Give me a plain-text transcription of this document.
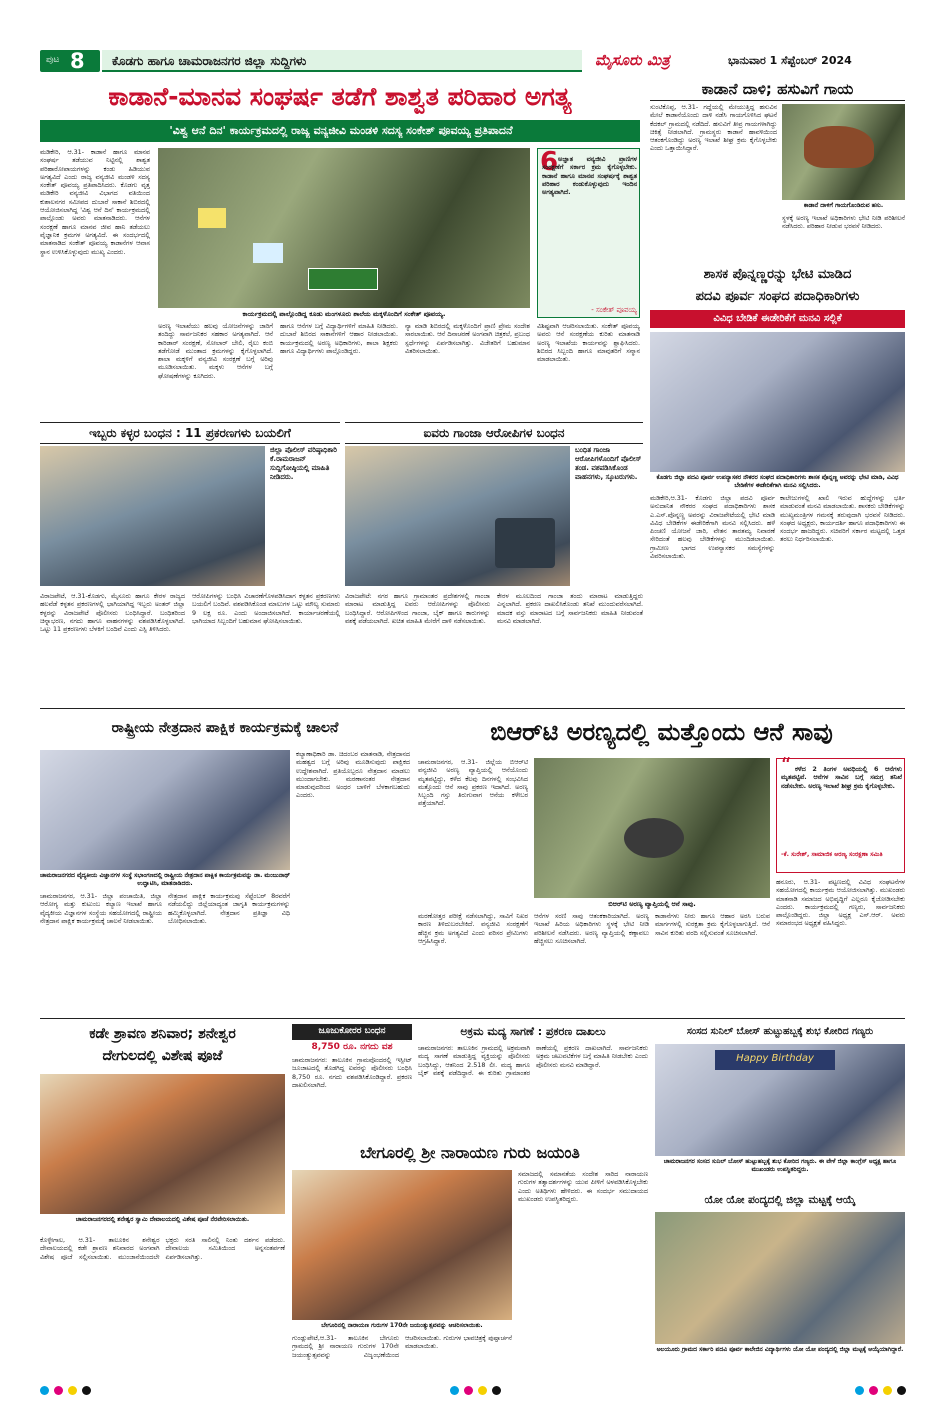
ಪುಟ 8 ಕೊಡಗು ಹಾಗೂ ಚಾಮರಾಜನಗರ ಜಿಲ್ಲಾ ಸುದ್ದಿಗಳು	ಮೈಸೂರು ಮಿತ್ರ	ಭಾನುವಾರ 1 ಸೆಪ್ಟೆಂಬರ್ 2024
ಕಾಡಾನೆ-ಮಾನವ ಸಂಘರ್ಷ ತಡೆಗೆ ಶಾಶ್ವತ ಪರಿಹಾರ ಅಗತ್ಯ
'ವಿಶ್ವ ಆನೆ ದಿನ' ಕಾರ್ಯಕ್ರಮದಲ್ಲಿ ರಾಜ್ಯ ವನ್ಯಜೀವಿ ಮಂಡಳಿ ಸದಸ್ಯ ಸಂಕೇತ್ ಪೂವಯ್ಯ ಪ್ರತಿಪಾದನೆ
ಮಡಿಕೇರಿ, ಆ.31- ಕಾಡಾನೆ ಹಾಗೂ ಮಾನವ ಸಂಘರ್ಷ ತಡೆಯುವ ನಿಟ್ಟಿನಲ್ಲಿ ಶಾಶ್ವತ ಪರಿಹಾರೋಪಾಯಗಳನ್ನು ಕಂಡು ಹಿಡಿಯುವ ಅಗತ್ಯವಿದೆ ಎಂದು ರಾಜ್ಯ ವನ್ಯಜೀವಿ ಮಂಡಳಿ ಸದಸ್ಯ ಸಂಕೇತ್ ಪೂವಯ್ಯ ಪ್ರತಿಪಾದಿಸಿದರು. ಕೊಡಗು ವೃತ್ತ ಮಡಿಕೇರಿ ವನ್ಯಜೀವಿ ವಿಭಾಗದ ವತಿಯಿಂದ ಕುಶಾಲನಗರ ಸಮೀಪದ ದುಬಾರೆ ಸಾಕಾನೆ ಶಿಬಿರದಲ್ಲಿ ಆಯೋಜಿಸಲಾಗಿದ್ದ 'ವಿಶ್ವ ಆನೆ ದಿನ' ಕಾರ್ಯಕ್ರಮದಲ್ಲಿ ಪಾಲ್ಗೊಂಡು ಅವರು ಮಾತನಾಡಿದರು. ಆನೆಗಳ ಸಂರಕ್ಷಣೆ ಹಾಗೂ ಮಾನವ ಜೀವ ಹಾನಿ ತಡೆಯಲು ವೈಜ್ಞಾನಿಕ ಕ್ರಮಗಳ ಅಗತ್ಯವಿದೆ. ಈ ಸಂದರ್ಭದಲ್ಲಿ ಮಾತನಾಡಿದ ಸಂಕೇತ್ ಪೂವಯ್ಯ ಕಾಡಾನೆಗಳ ಆವಾಸ ಸ್ಥಾನ ಉಳಿಸಿಕೊಳ್ಳುವುದು ಮುಖ್ಯ ಎಂದರು.
ಕಾರ್ಯಕ್ರಮದಲ್ಲಿ ಪಾಲ್ಗೊಂಡಿದ್ದ ಕೂಡು ಮಂಗಳೂರು ಶಾಲೆಯ ಮಕ್ಕಳೊಂದಿಗೆ ಸಂಕೇತ್ ಪೂವಯ್ಯ.
ಅರಣ್ಯ ಇಲಾಖೆಯು ಹಲವು ಯೋಜನೆಗಳನ್ನು ಜಾರಿಗೆ ತಂದಿದ್ದು ಸಾರ್ವಜನಿಕರ ಸಹಕಾರ ಅಗತ್ಯವಾಗಿದೆ. ಆನೆ ಕಾರಿಡಾರ್ ಸಂರಕ್ಷಣೆ, ಸೋಲಾರ್ ಬೇಲಿ, ರೈಲು ಕಂಬಿ ತಡೆಗೋಡೆ ಮುಂತಾದ ಕ್ರಮಗಳನ್ನು ಕೈಗೊಳ್ಳಲಾಗಿದೆ. ಶಾಲಾ ಮಕ್ಕಳಿಗೆ ವನ್ಯಜೀವಿ ಸಂರಕ್ಷಣೆ ಬಗ್ಗೆ ಅರಿವು ಮೂಡಿಸಲಾಯಿತು. ಮಕ್ಕಳು ಆನೆಗಳ ಬಗ್ಗೆ ಘೋಷಣೆಗಳನ್ನು ಕೂಗಿದರು.
ಹಾಗೂ ಆನೆಗಳ ಬಗ್ಗೆ ವಿದ್ಯಾರ್ಥಿಗಳಿಗೆ ಮಾಹಿತಿ ನೀಡಿದರು. ದುಬಾರೆ ಶಿಬಿರದ ಸಾಕಾನೆಗಳಿಗೆ ಆಹಾರ ನೀಡಲಾಯಿತು. ಕಾರ್ಯಕ್ರಮದಲ್ಲಿ ಅರಣ್ಯ ಅಧಿಕಾರಿಗಳು, ಶಾಲಾ ಶಿಕ್ಷಕರು ಹಾಗೂ ವಿದ್ಯಾರ್ಥಿಗಳು ಪಾಲ್ಗೊಂಡಿದ್ದರು.
ನ್ಯಾ ಮಾಡಿ ಶಿಬಿರದಲ್ಲಿ ಮಕ್ಕಳೊಂದಿಗೆ ಪ್ರಾಣಿ ಪ್ರೇಮ ಸಂದೇಶ ಸಾರಲಾಯಿತು. ಆನೆ ದಿನಾಚರಣೆ ಅಂಗವಾಗಿ ಚಿತ್ರಕಲೆ, ಪ್ರಬಂಧ ಸ್ಪರ್ಧೆಗಳನ್ನು ಏರ್ಪಡಿಸಲಾಗಿತ್ತು. ವಿಜೇತರಿಗೆ ಬಹುಮಾನ ವಿತರಿಸಲಾಯಿತು.
6 ಅಜ್ಞಾತ ವನ್ಯಜೀವಿ ಪ್ರಾಣಿಗಳ ಸಂರಕ್ಷಣೆಗೆ ಸರ್ಕಾರ ಕ್ರಮ ಕೈಗೊಳ್ಳಬೇಕು. ಕಾಡಾನೆ ಹಾಗೂ ಮಾನವ ಸಂಘರ್ಷಕ್ಕೆ ಶಾಶ್ವತ ಪರಿಹಾರ ಕಂಡುಕೊಳ್ಳುವುದು ಇಂದಿನ ಅಗತ್ಯವಾಗಿದೆ.
- ಸಂಕೇತ್ ಪೂವಯ್ಯ
ವಿಶಿಷ್ಟವಾಗಿ ಆಚರಿಸಲಾಯಿತು. ಸಂಕೇತ್ ಪೂವಯ್ಯ ಅವರು ಆನೆ ಸಂರಕ್ಷಣೆಯ ಕುರಿತು ಮಾತನಾಡಿ ಅರಣ್ಯ ಇಲಾಖೆಯ ಕಾರ್ಯವನ್ನು ಶ್ಲಾಘಿಸಿದರು. ಶಿಬಿರದ ಸಿಬ್ಬಂದಿ ಹಾಗೂ ಮಾವುತರಿಗೆ ಸನ್ಮಾನ ಮಾಡಲಾಯಿತು.
ಕಾಡಾನೆ ದಾಳಿ; ಹಸುವಿಗೆ ಗಾಯ
ಸುಂಟಿಕೊಪ್ಪ, ಆ.31- ಗದ್ದೆಯಲ್ಲಿ ಮೇಯುತ್ತಿದ್ದ ಹಸುವಿನ ಮೇಲೆ ಕಾಡಾನೆಯೊಂದು ದಾಳಿ ನಡೆಸಿ ಗಾಯಗೊಳಿಸಿದ ಘಟನೆ ಕೆದಕಲ್ ಗ್ರಾಮದಲ್ಲಿ ನಡೆದಿದೆ. ಹಸುವಿಗೆ ತೀವ್ರ ಗಾಯಗಳಾಗಿದ್ದು ಚಿಕಿತ್ಸೆ ನೀಡಲಾಗಿದೆ. ಗ್ರಾಮಸ್ಥರು ಕಾಡಾನೆ ಹಾವಳಿಯಿಂದ ಆತಂಕಗೊಂಡಿದ್ದು ಅರಣ್ಯ ಇಲಾಖೆ ಶೀಘ್ರ ಕ್ರಮ ಕೈಗೊಳ್ಳಬೇಕು ಎಂದು ಒತ್ತಾಯಿಸಿದ್ದಾರೆ.
ಕಾಡಾನೆ ದಾಳಿಗೆ ಗಾಯಗೊಂಡಿರುವ ಹಸು.
ಸ್ಥಳಕ್ಕೆ ಅರಣ್ಯ ಇಲಾಖೆ ಅಧಿಕಾರಿಗಳು ಭೇಟಿ ನೀಡಿ ಪರಿಶೀಲನೆ ನಡೆಸಿದರು. ಪರಿಹಾರ ನೀಡುವ ಭರವಸೆ ನೀಡಿದರು.
ಶಾಸಕ ಪೊನ್ನಣ್ಣರನ್ನು ಭೇಟಿ ಮಾಡಿದ
ಪದವಿ ಪೂರ್ವ ಸಂಘದ ಪದಾಧಿಕಾರಿಗಳು
ವಿವಿಧ ಬೇಡಿಕೆ ಈಡೇರಿಕೆಗೆ ಮನವಿ ಸಲ್ಲಿಕೆ
ಕೊಡಗು ಜಿಲ್ಲಾ ಪದವಿ ಪೂರ್ವ ಉಪನ್ಯಾಸಕರ ನೌಕರರ ಸಂಘದ ಪದಾಧಿಕಾರಿಗಳು ಶಾಸಕ ಪೊನ್ನಣ್ಣ ಅವರನ್ನು ಭೇಟಿ ಮಾಡಿ, ವಿವಿಧ ಬೇಡಿಕೆಗಳ ಈಡೇರಿಕೆಗಾಗಿ ಮನವಿ ಸಲ್ಲಿಸಿದರು.
ಮಡಿಕೇರಿ,ಆ.31- ಕೊಡಗು ಜಿಲ್ಲಾ ಪದವಿ ಪೂರ್ವ ಅನುದಾನಿತ ನೌಕರರ ಸಂಘದ ಪದಾಧಿಕಾರಿಗಳು ಶಾಸಕ ಎ.ಎಸ್.ಪೊನ್ನಣ್ಣ ಅವರನ್ನು ವಿರಾಜಪೇಟೆಯಲ್ಲಿ ಭೇಟಿ ಮಾಡಿ ವಿವಿಧ ಬೇಡಿಕೆಗಳ ಈಡೇರಿಕೆಗಾಗಿ ಮನವಿ ಸಲ್ಲಿಸಿದರು. ಹಳೆ ಪಿಂಚಣಿ ಯೋಜನೆ ಜಾರಿ, ವೇತನ ತಾರತಮ್ಯ ನಿವಾರಣೆ ಸೇರಿದಂತೆ ಹಲವು ಬೇಡಿಕೆಗಳನ್ನು ಮುಂದಿಡಲಾಯಿತು. ಗ್ರಾಮೀಣ ಭಾಗದ ಉಪನ್ಯಾಸಕರ ಸಮಸ್ಯೆಗಳನ್ನು ವಿವರಿಸಲಾಯಿತು.
ಕಾಲೇಜುಗಳಲ್ಲಿ ಖಾಲಿ ಇರುವ ಹುದ್ದೆಗಳನ್ನು ಭರ್ತಿ ಮಾಡುವಂತೆ ಮನವಿ ಮಾಡಲಾಯಿತು. ಶಾಸಕರು ಬೇಡಿಕೆಗಳನ್ನು ಮುಖ್ಯಮಂತ್ರಿಗಳ ಗಮನಕ್ಕೆ ತರುವುದಾಗಿ ಭರವಸೆ ನೀಡಿದರು. ಸಂಘದ ಅಧ್ಯಕ್ಷರು, ಕಾರ್ಯದರ್ಶಿ ಹಾಗೂ ಪದಾಧಿಕಾರಿಗಳು ಈ ಸಂದರ್ಭ ಹಾಜರಿದ್ದರು. ಸಚಿವರಿಗೆ ಸರ್ಕಾರ ಮಟ್ಟದಲ್ಲಿ ಒತ್ತಡ ತರಲು ನಿರ್ಧರಿಸಲಾಯಿತು.
ಇಬ್ಬರು ಕಳ್ಳರ ಬಂಧನ : 11 ಪ್ರಕರಣಗಳು ಬಯಲಿಗೆ
ಜಿಲ್ಲಾ ಪೊಲೀಸ್ ವರಿಷ್ಠಾಧಿಕಾರಿ ಕೆ.ರಾಮರಾಜನ್ ಸುದ್ದಿಗೋಷ್ಠಿಯಲ್ಲಿ ಮಾಹಿತಿ ನೀಡಿದರು.
ವಿರಾಜಪೇಟೆ, ಆ.31-ಕೊಡಗು, ಮೈಸೂರು ಹಾಗೂ ಕೇರಳ ರಾಜ್ಯದ ಹಲವೆಡೆ ಕಳ್ಳತನ ಪ್ರಕರಣಗಳಲ್ಲಿ ಭಾಗಿಯಾಗಿದ್ದ ಇಬ್ಬರು ಅಂತರ್ ಜಿಲ್ಲಾ ಕಳ್ಳರನ್ನು ವಿರಾಜಪೇಟೆ ಪೊಲೀಸರು ಬಂಧಿಸಿದ್ದಾರೆ. ಬಂಧಿತರಿಂದ ಚಿನ್ನಾಭರಣ, ನಗದು ಹಾಗೂ ವಾಹನಗಳನ್ನು ವಶಪಡಿಸಿಕೊಳ್ಳಲಾಗಿದೆ. ಒಟ್ಟು 11 ಪ್ರಕರಣಗಳು ಬೆಳಕಿಗೆ ಬಂದಿವೆ ಎಂದು ಎಸ್ಪಿ ತಿಳಿಸಿದರು.
ಆರೋಪಿಗಳನ್ನು ಬಂಧಿಸಿ ವಿಚಾರಣೆಗೊಳಪಡಿಸಿದಾಗ ಕಳ್ಳತನ ಪ್ರಕರಣಗಳು ಬಯಲಿಗೆ ಬಂದಿವೆ. ವಶಪಡಿಸಿಕೊಂಡ ಮಾಲುಗಳ ಒಟ್ಟು ಮೌಲ್ಯ ಸುಮಾರು 9 ಲಕ್ಷ ರೂ. ಎಂದು ಅಂದಾಜಿಸಲಾಗಿದೆ. ಕಾರ್ಯಾಚರಣೆಯಲ್ಲಿ ಭಾಗಿಯಾದ ಸಿಬ್ಬಂದಿಗೆ ಬಹುಮಾನ ಘೋಷಿಸಲಾಯಿತು.
ಐವರು ಗಾಂಜಾ ಆರೋಪಿಗಳ ಬಂಧನ
ಬಂಧಿತ ಗಾಂಜಾ ಆರೋಪಿಗಳೊಂದಿಗೆ ಪೊಲೀಸ್ ತಂಡ. ವಶಪಡಿಸಿಕೊಂಡ ವಾಹನಗಳು, ಸ್ಕೂಟರುಗಳು.
ವಿರಾಜಪೇಟೆ: ನಗರ ಹಾಗೂ ಗ್ರಾಮಾಂತರ ಪ್ರದೇಶಗಳಲ್ಲಿ ಗಾಂಜಾ ಮಾರಾಟ ಮಾಡುತ್ತಿದ್ದ ಐವರು ಆರೋಪಿಗಳನ್ನು ಪೊಲೀಸರು ಬಂಧಿಸಿದ್ದಾರೆ. ಆರೋಪಿಗಳಿಂದ ಗಾಂಜಾ, ಬೈಕ್ ಹಾಗೂ ಕಾರುಗಳನ್ನು ವಶಕ್ಕೆ ಪಡೆಯಲಾಗಿದೆ. ಖಚಿತ ಮಾಹಿತಿ ಮೇರೆಗೆ ದಾಳಿ ನಡೆಸಲಾಯಿತು.
ಕೇರಳ ಮೂಲದಿಂದ ಗಾಂಜಾ ತಂದು ಮಾರಾಟ ಮಾಡುತ್ತಿದ್ದರು ಎನ್ನಲಾಗಿದೆ. ಪ್ರಕರಣ ದಾಖಲಿಸಿಕೊಂಡು ತನಿಖೆ ಮುಂದುವರೆಸಲಾಗಿದೆ. ಮಾದಕ ವಸ್ತು ಮಾರಾಟದ ಬಗ್ಗೆ ಸಾರ್ವಜನಿಕರು ಮಾಹಿತಿ ನೀಡುವಂತೆ ಮನವಿ ಮಾಡಲಾಗಿದೆ.
ರಾಷ್ಟ್ರೀಯ ನೇತ್ರದಾನ ಪಾಕ್ಷಿಕ ಕಾರ್ಯಕ್ರಮಕ್ಕೆ ಚಾಲನೆ
ಚಾಮರಾಜನಗರದ ವೈದ್ಯಕೀಯ ವಿಜ್ಞಾನಗಳ ಸಂಸ್ಥೆ ಸಭಾಂಗಣದಲ್ಲಿ ರಾಷ್ಟ್ರೀಯ ನೇತ್ರದಾನ ಪಾಕ್ಷಿಕ ಕಾರ್ಯಕ್ರಮವನ್ನು ಡಾ. ಮಂಜುನಾಥ್ ಉದ್ಘಾಟಿಸಿ, ಮಾತನಾಡಿದರು.
ಕಲ್ಯಾಣಾಧಿಕಾರಿ ಡಾ. ಚಿದಂಬರ ಮಾತನಾಡಿ, ನೇತ್ರದಾನದ ಮಹತ್ವದ ಬಗ್ಗೆ ಅರಿವು ಮೂಡಿಸುವುದು ಪಾಕ್ಷಿಕದ ಉದ್ದೇಶವಾಗಿದೆ. ಪ್ರತಿಯೊಬ್ಬರೂ ನೇತ್ರದಾನ ಮಾಡಲು ಮುಂದಾಗಬೇಕು. ಮರಣಾನಂತರ ನೇತ್ರದಾನ ಮಾಡುವುದರಿಂದ ಅಂಧರ ಬಾಳಿಗೆ ಬೆಳಕಾಗಬಹುದು ಎಂದರು.
ಚಾಮರಾಜನಗರ, ಆ.31- ಜಿಲ್ಲಾ ಪಂಚಾಯಿತಿ, ಜಿಲ್ಲಾ ಆರೋಗ್ಯ ಮತ್ತು ಕುಟುಂಬ ಕಲ್ಯಾಣ ಇಲಾಖೆ ಹಾಗೂ ವೈದ್ಯಕೀಯ ವಿಜ್ಞಾನಗಳ ಸಂಸ್ಥೆಯ ಸಹಯೋಗದಲ್ಲಿ ರಾಷ್ಟ್ರೀಯ ನೇತ್ರದಾನ ಪಾಕ್ಷಿಕ ಕಾರ್ಯಕ್ರಮಕ್ಕೆ ಚಾಲನೆ ನೀಡಲಾಯಿತು.
ನೇತ್ರದಾನ ಪಾಕ್ಷಿಕ ಕಾರ್ಯಕ್ರಮವು ಸೆಪ್ಟೆಂಬರ್ 8ರವರೆಗೆ ನಡೆಯಲಿದ್ದು ಜಿಲ್ಲೆಯಾದ್ಯಂತ ಜಾಗೃತಿ ಕಾರ್ಯಕ್ರಮಗಳನ್ನು ಹಮ್ಮಿಕೊಳ್ಳಲಾಗಿದೆ. ನೇತ್ರದಾನ ಪ್ರತಿಜ್ಞಾ ವಿಧಿ ಬೋಧಿಸಲಾಯಿತು.
ಬಿಆರ್‌ಟಿ ಅರಣ್ಯದಲ್ಲಿ ಮತ್ತೊಂದು ಆನೆ ಸಾವು
ಚಾಮರಾಜನಗರ, ಆ.31- ಜಿಲ್ಲೆಯ ಬಿಆರ್‌ಟಿ ವನ್ಯಜೀವಿ ಅರಣ್ಯ ವ್ಯಾಪ್ತಿಯಲ್ಲಿ ಆನೆಯೊಂದು ಮೃತಪಟ್ಟಿದ್ದು, ಕಳೆದ ಕೆಲವು ದಿನಗಳಲ್ಲಿ ಸಂಭವಿಸಿದ ಮತ್ತೊಂದು ಆನೆ ಸಾವು ಪ್ರಕರಣ ಇದಾಗಿದೆ. ಅರಣ್ಯ ಸಿಬ್ಬಂದಿ ಗಸ್ತು ತಿರುಗುವಾಗ ಆನೆಯ ಕಳೇಬರ ಪತ್ತೆಯಾಗಿದೆ.
ಬಿಆರ್‌ಟಿ ಅರಣ್ಯ ವ್ಯಾಪ್ತಿಯಲ್ಲಿ ಆನೆ ಸಾವು.
“ ಕಳೆದ 2 ತಿಂಗಳ ಅವಧಿಯಲ್ಲಿ 6 ಆನೆಗಳು ಮೃತಪಟ್ಟಿವೆ. ಆನೆಗಳ ಸಾವಿನ ಬಗ್ಗೆ ಸಮಗ್ರ ತನಿಖೆ ನಡೆಸಬೇಕು. ಅರಣ್ಯ ಇಲಾಖೆ ಶೀಘ್ರ ಕ್ರಮ ಕೈಗೊಳ್ಳಬೇಕು.
-ಕೆ. ಸುರೇಶ್, ಸಾಮಾಜಿಕ ಅರಣ್ಯ ಸಂರಕ್ಷಣಾ ಸಮಿತಿ
ಮರಣೋತ್ತರ ಪರೀಕ್ಷೆ ನಡೆಸಲಾಗಿದ್ದು, ಸಾವಿಗೆ ನಿಖರ ಕಾರಣ ತಿಳಿದುಬರಬೇಕಿದೆ. ವನ್ಯಜೀವಿ ಸಂರಕ್ಷಣೆಗೆ ಹೆಚ್ಚಿನ ಕ್ರಮ ಅಗತ್ಯವಿದೆ ಎಂದು ಪರಿಸರ ಪ್ರೇಮಿಗಳು ಆಗ್ರಹಿಸಿದ್ದಾರೆ.
ಆನೆಗಳ ಸರಣಿ ಸಾವು ಆತಂಕಕಾರಿಯಾಗಿದೆ. ಅರಣ್ಯ ಇಲಾಖೆ ಹಿರಿಯ ಅಧಿಕಾರಿಗಳು ಸ್ಥಳಕ್ಕೆ ಭೇಟಿ ನೀಡಿ ಪರಿಶೀಲನೆ ನಡೆಸಿದರು. ಅರಣ್ಯ ವ್ಯಾಪ್ತಿಯಲ್ಲಿ ಕಣ್ಗಾವಲು ಹೆಚ್ಚಿಸಲು ಸೂಚಿಸಲಾಗಿದೆ.
ಕಾಡಾನೆಗಳು ನೀರು ಹಾಗೂ ಆಹಾರ ಅರಸಿ ಬರುವ ಮಾರ್ಗಗಳಲ್ಲಿ ಸುರಕ್ಷತಾ ಕ್ರಮ ಕೈಗೊಳ್ಳಲಾಗುತ್ತಿದೆ. ಆನೆ ಸಾವಿನ ಕುರಿತು ವರದಿ ಸಲ್ಲಿಸುವಂತೆ ಸೂಚಿಸಲಾಗಿದೆ.
ಹನೂರು, ಆ.31- ಪಟ್ಟಣದಲ್ಲಿ ವಿವಿಧ ಸಂಘಟನೆಗಳ ಸಹಯೋಗದಲ್ಲಿ ಕಾರ್ಯಕ್ರಮ ಆಯೋಜಿಸಲಾಗಿತ್ತು. ಮುಖಂಡರು ಮಾತನಾಡಿ ಸಮಾಜದ ಅಭಿವೃದ್ಧಿಗೆ ಎಲ್ಲರೂ ಕೈಜೋಡಿಸಬೇಕು ಎಂದರು. ಕಾರ್ಯಕ್ರಮದಲ್ಲಿ ಗಣ್ಯರು, ಸಾರ್ವಜನಿಕರು ಪಾಲ್ಗೊಂಡಿದ್ದರು. ಜಿಲ್ಲಾ ಅಧ್ಯಕ್ಷ ಎಸ್.ಆರ್. ಅವರು ಸಮಾರಂಭದ ಅಧ್ಯಕ್ಷತೆ ವಹಿಸಿದ್ದರು.
ಕಡೇ ಶ್ರಾವಣ ಶನಿವಾರ; ಶನೇಶ್ವರ
ದೇಗುಲದಲ್ಲಿ ವಿಶೇಷ ಪೂಜೆ
ಚಾಮರಾಜನಗರದಲ್ಲಿ ಶನೇಶ್ವರ ಸ್ವಾಮಿ ದೇವಾಲಯದಲ್ಲಿ ವಿಶೇಷ ಪೂಜೆ ನೆರವೇರಿಸಲಾಯಿತು.
ಕೊಳ್ಳೇಗಾಲ, ಆ.31- ತಾಲೂಕಿನ ಶನೇಶ್ವರ ದೇವಾಲಯದಲ್ಲಿ ಕಡೇ ಶ್ರಾವಣ ಶನಿವಾರದ ಅಂಗವಾಗಿ ವಿಶೇಷ ಪೂಜೆ ಸಲ್ಲಿಸಲಾಯಿತು. ಮುಂಜಾನೆಯಿಂದಲೇ ಭಕ್ತರು ಸರತಿ ಸಾಲಿನಲ್ಲಿ ನಿಂತು ದರ್ಶನ ಪಡೆದರು. ದೇವಾಲಯ ಸಮಿತಿಯಿಂದ ಅನ್ನಸಂತರ್ಪಣೆ ಏರ್ಪಡಿಸಲಾಗಿತ್ತು.
ಜೂಜುಕೋರರ ಬಂಧನ
8,750 ರೂ. ನಗದು ವಶ
ಚಾಮರಾಜನಗರ: ತಾಲೂಕಿನ ಗ್ರಾಮವೊಂದರಲ್ಲಿ ಇಸ್ಪೀಟ್ ಜೂಜಾಟದಲ್ಲಿ ತೊಡಗಿದ್ದ ಐವರನ್ನು ಪೊಲೀಸರು ಬಂಧಿಸಿ 8,750 ರೂ. ನಗದು ವಶಪಡಿಸಿಕೊಂಡಿದ್ದಾರೆ. ಪ್ರಕರಣ ದಾಖಲಿಸಲಾಗಿದೆ.
ಅಕ್ರಮ ಮದ್ಯ ಸಾಗಣೆ : ಪ್ರಕರಣ ದಾಖಲು
ಚಾಮರಾಜನಗರ: ತಾಲೂಕಿನ ಗ್ರಾಮದಲ್ಲಿ ಅಕ್ರಮವಾಗಿ ಮದ್ಯ ಸಾಗಣೆ ಮಾಡುತ್ತಿದ್ದ ವ್ಯಕ್ತಿಯನ್ನು ಪೊಲೀಸರು ಬಂಧಿಸಿದ್ದು, ಆತನಿಂದ 2.518 ಲೀ. ಮದ್ಯ ಹಾಗೂ ಬೈಕ್ ವಶಕ್ಕೆ ಪಡೆದಿದ್ದಾರೆ. ಈ ಕುರಿತು ಗ್ರಾಮಾಂತರ ಠಾಣೆಯಲ್ಲಿ ಪ್ರಕರಣ ದಾಖಲಾಗಿದೆ. ಸಾರ್ವಜನಿಕರು ಅಕ್ರಮ ಚಟುವಟಿಕೆಗಳ ಬಗ್ಗೆ ಮಾಹಿತಿ ನೀಡಬೇಕು ಎಂದು ಪೊಲೀಸರು ಮನವಿ ಮಾಡಿದ್ದಾರೆ.
ಸಂಸದ ಸುನಿಲ್ ಬೋಸ್ ಹುಟ್ಟುಹಬ್ಬಕ್ಕೆ ಶುಭ ಕೋರಿದ ಗಣ್ಯರು
Happy Birthday
ಚಾಮರಾಜನಗರ ಸಂಸದ ಸುನಿಲ್ ಬೋಸ್ ಹುಟ್ಟುಹಬ್ಬಕ್ಕೆ ಶುಭ ಕೋರಿದ ಗಣ್ಯರು. ಈ ವೇಳೆ ಜಿಲ್ಲಾ ಕಾಂಗ್ರೆಸ್ ಅಧ್ಯಕ್ಷ ಹಾಗೂ ಮುಖಂಡರು ಉಪಸ್ಥಿತರಿದ್ದರು.
ಬೇಗೂರಲ್ಲಿ ಶ್ರೀ ನಾರಾಯಣ ಗುರು ಜಯಂತಿ
ಬೇಗೂರಿನಲ್ಲಿ ನಾರಾಯಣ ಗುರುಗಳ 170ನೇ ಜಯಂತ್ಯುತ್ಸವವನ್ನು ಆಚರಿಸಲಾಯಿತು.
ಗುಂಡ್ಲುಪೇಟೆ,ಆ.31- ತಾಲೂಕಿನ ಬೇಗೂರು ಗ್ರಾಮದಲ್ಲಿ ಶ್ರೀ ನಾರಾಯಣ ಗುರುಗಳ 170ನೇ ಜಯಂತ್ಯುತ್ಸವವನ್ನು ವಿಜೃಂಭಣೆಯಿಂದ ಆಚರಿಸಲಾಯಿತು. ಗುರುಗಳ ಭಾವಚಿತ್ರಕ್ಕೆ ಪುಷ್ಪಾರ್ಚನೆ ಮಾಡಲಾಯಿತು.
ಸಮಾಜದಲ್ಲಿ ಸಮಾನತೆಯ ಸಂದೇಶ ಸಾರಿದ ನಾರಾಯಣ ಗುರುಗಳ ತತ್ವಾದರ್ಶಗಳನ್ನು ಯುವ ಪೀಳಿಗೆ ಅಳವಡಿಸಿಕೊಳ್ಳಬೇಕು ಎಂದು ಅತಿಥಿಗಳು ಹೇಳಿದರು. ಈ ಸಂದರ್ಭ ಸಮುದಾಯದ ಮುಖಂಡರು ಉಪಸ್ಥಿತರಿದ್ದರು.	ಯೋ ಯೋ ಪಂದ್ಯದಲ್ಲಿ ಜಿಲ್ಲಾ ಮಟ್ಟಕ್ಕೆ ಆಯ್ಕೆ
ಅಲಯೂರು ಗ್ರಾಮದ ಸರ್ಕಾರಿ ಪದವಿ ಪೂರ್ವ ಕಾಲೇಜಿನ ವಿದ್ಯಾರ್ಥಿಗಳು ಯೋ ಯೋ ಪಂದ್ಯದಲ್ಲಿ ಜಿಲ್ಲಾ ಮಟ್ಟಕ್ಕೆ ಆಯ್ಕೆಯಾಗಿದ್ದಾರೆ.
